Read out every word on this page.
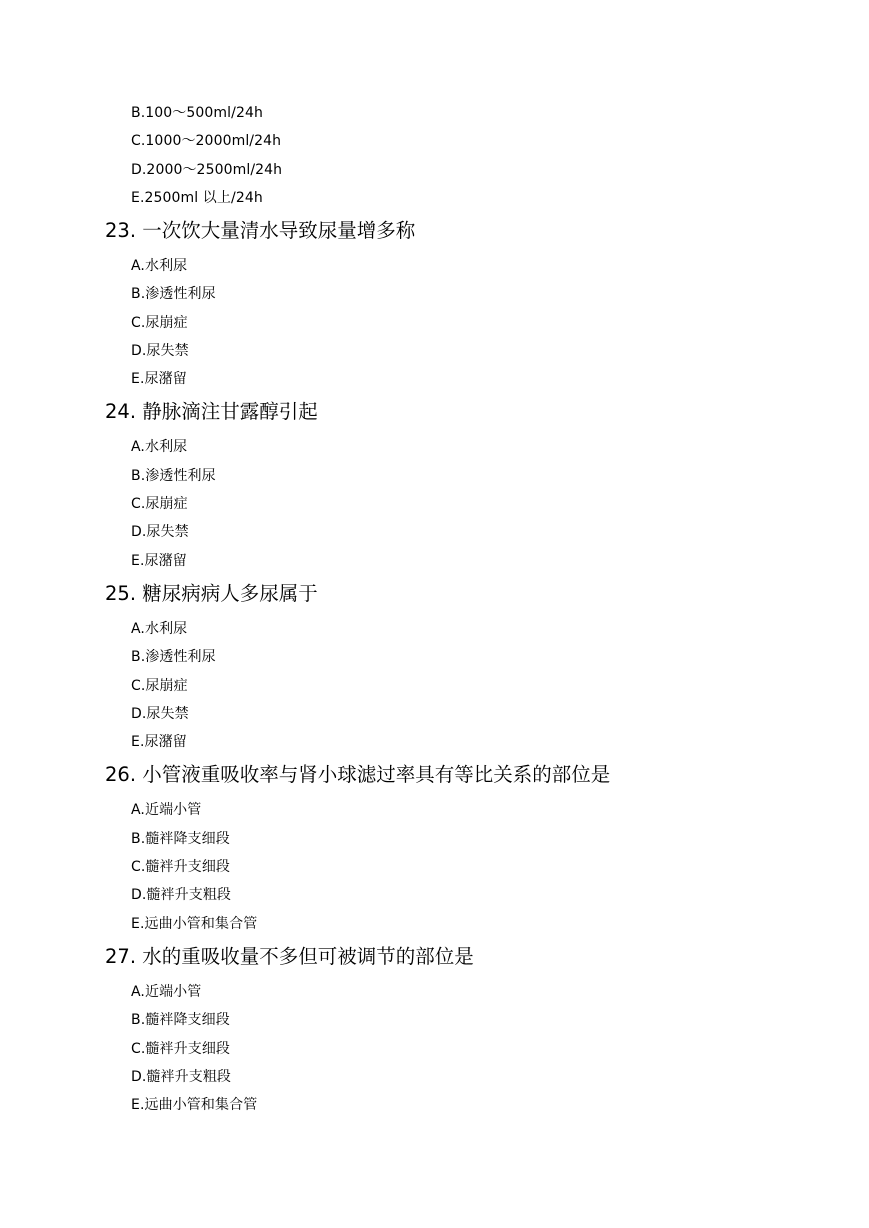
B.100～500ml/24h
C.1000～2000ml/24h
D.2000～2500ml/24h
E.2500ml 以上/24h
23. 一次饮大量清水导致尿量增多称
A.水利尿
B.渗透性利尿
C.尿崩症
D.尿失禁
E.尿潴留
24. 静脉滴注甘露醇引起
A.水利尿
B.渗透性利尿
C.尿崩症
D.尿失禁
E.尿潴留
25. 糖尿病病人多尿属于
A.水利尿
B.渗透性利尿
C.尿崩症
D.尿失禁
E.尿潴留
26. 小管液重吸收率与肾小球滤过率具有等比关系的部位是
A.近端小管
B.髓袢降支细段
C.髓袢升支细段
D.髓袢升支粗段
E.远曲小管和集合管
27. 水的重吸收量不多但可被调节的部位是
A.近端小管
B.髓袢降支细段
C.髓袢升支细段
D.髓袢升支粗段
E.远曲小管和集合管
